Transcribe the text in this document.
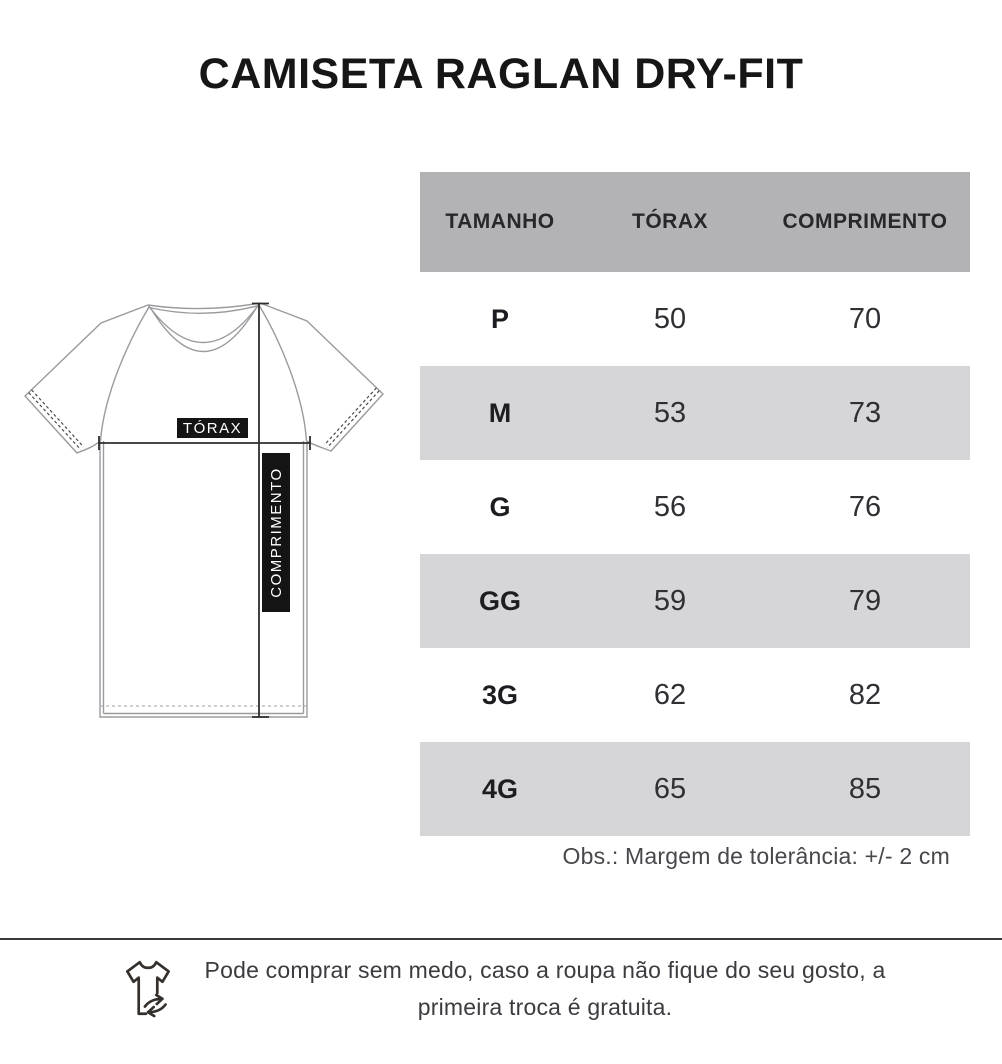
CAMISETA RAGLAN DRY-FIT
TÓRAX
COMPRIMENTO
TAMANHO	TÓRAX	COMPRIMENTO
P	50	70
M	53	73
G	56	76
GG	59	79
3G	62	82
4G	65	85
Obs.: Margem de tolerância: +/- 2 cm
Pode comprar sem medo, caso a roupa não fique do seu gosto, a
primeira troca é gratuita.
